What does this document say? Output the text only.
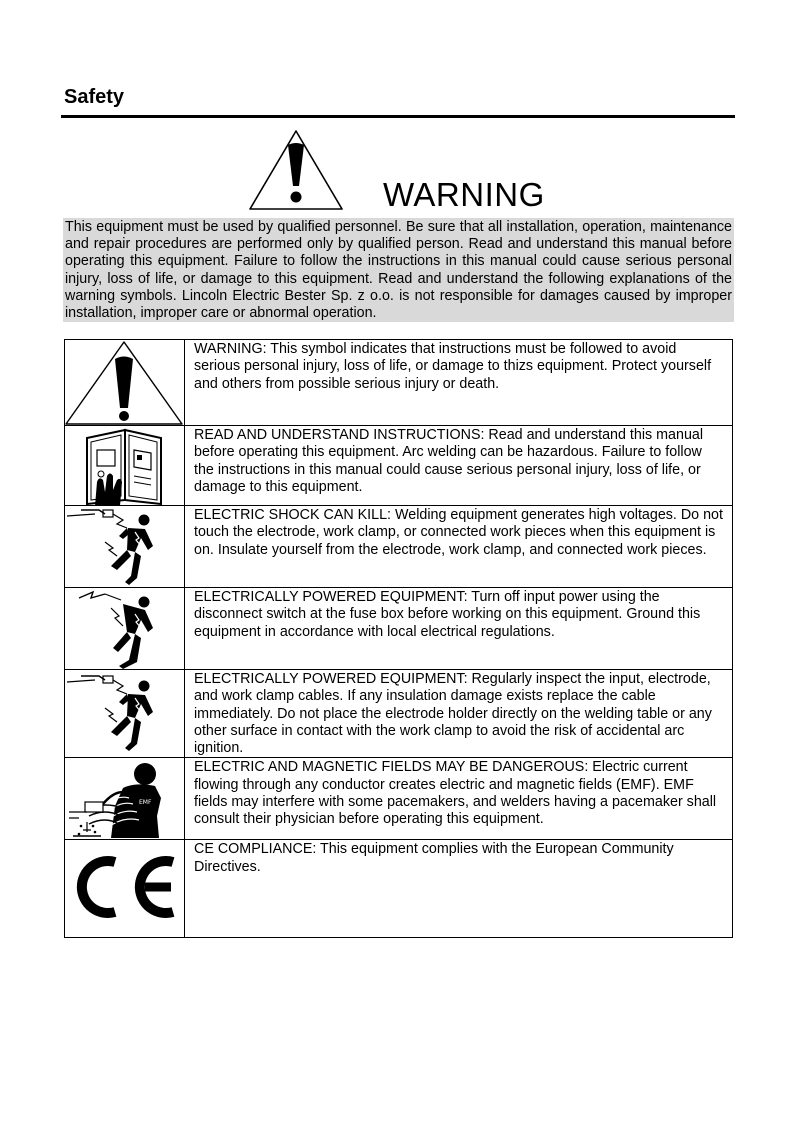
Safety
WARNING
This equipment must be used by qualified personnel. Be sure that all installation, operation, maintenance and repair procedures are performed only by qualified person. Read and understand this manual before operating this equipment. Failure to follow the instructions in this manual could cause serious personal injury, loss of life, or damage to this equipment. Read and understand the following explanations of the warning symbols. Lincoln Electric Bester Sp. z o.o. is not responsible for damages caused by improper installation, improper care or abnormal operation.
	WARNING: This symbol indicates that instructions must be followed to avoid serious personal injury, loss of life, or damage to thizs equipment. Protect yourself and others from possible serious injury or death.

	READ AND UNDERSTAND INSTRUCTIONS: Read and understand this manual before operating this equipment. Arc welding can be hazardous. Failure to follow the instructions in this manual could cause serious personal injury, loss of life, or damage to this equipment.

	ELECTRIC SHOCK CAN KILL: Welding equipment generates high voltages. Do not touch the electrode, work clamp, or connected work pieces when this equipment is on. Insulate yourself from the electrode, work clamp, and connected work pieces.

	ELECTRICALLY POWERED EQUIPMENT: Turn off input power using the disconnect switch at the fuse box before working on this equipment. Ground this equipment in accordance with local electrical regulations.

	ELECTRICALLY POWERED EQUIPMENT: Regularly inspect the input, electrode, and work clamp cables. If any insulation damage exists replace the cable immediately. Do not place the electrode holder directly on the welding table or any other surface in contact with the work clamp to avoid the risk of accidental arc ignition.

EMF	ELECTRIC AND MAGNETIC FIELDS MAY BE DANGEROUS: Electric current flowing through any conductor creates electric and magnetic fields (EMF). EMF fields may interfere with some pacemakers, and welders having a pacemaker shall consult their physician before operating this equipment.

	CE COMPLIANCE: This equipment complies with the European Community Directives.
